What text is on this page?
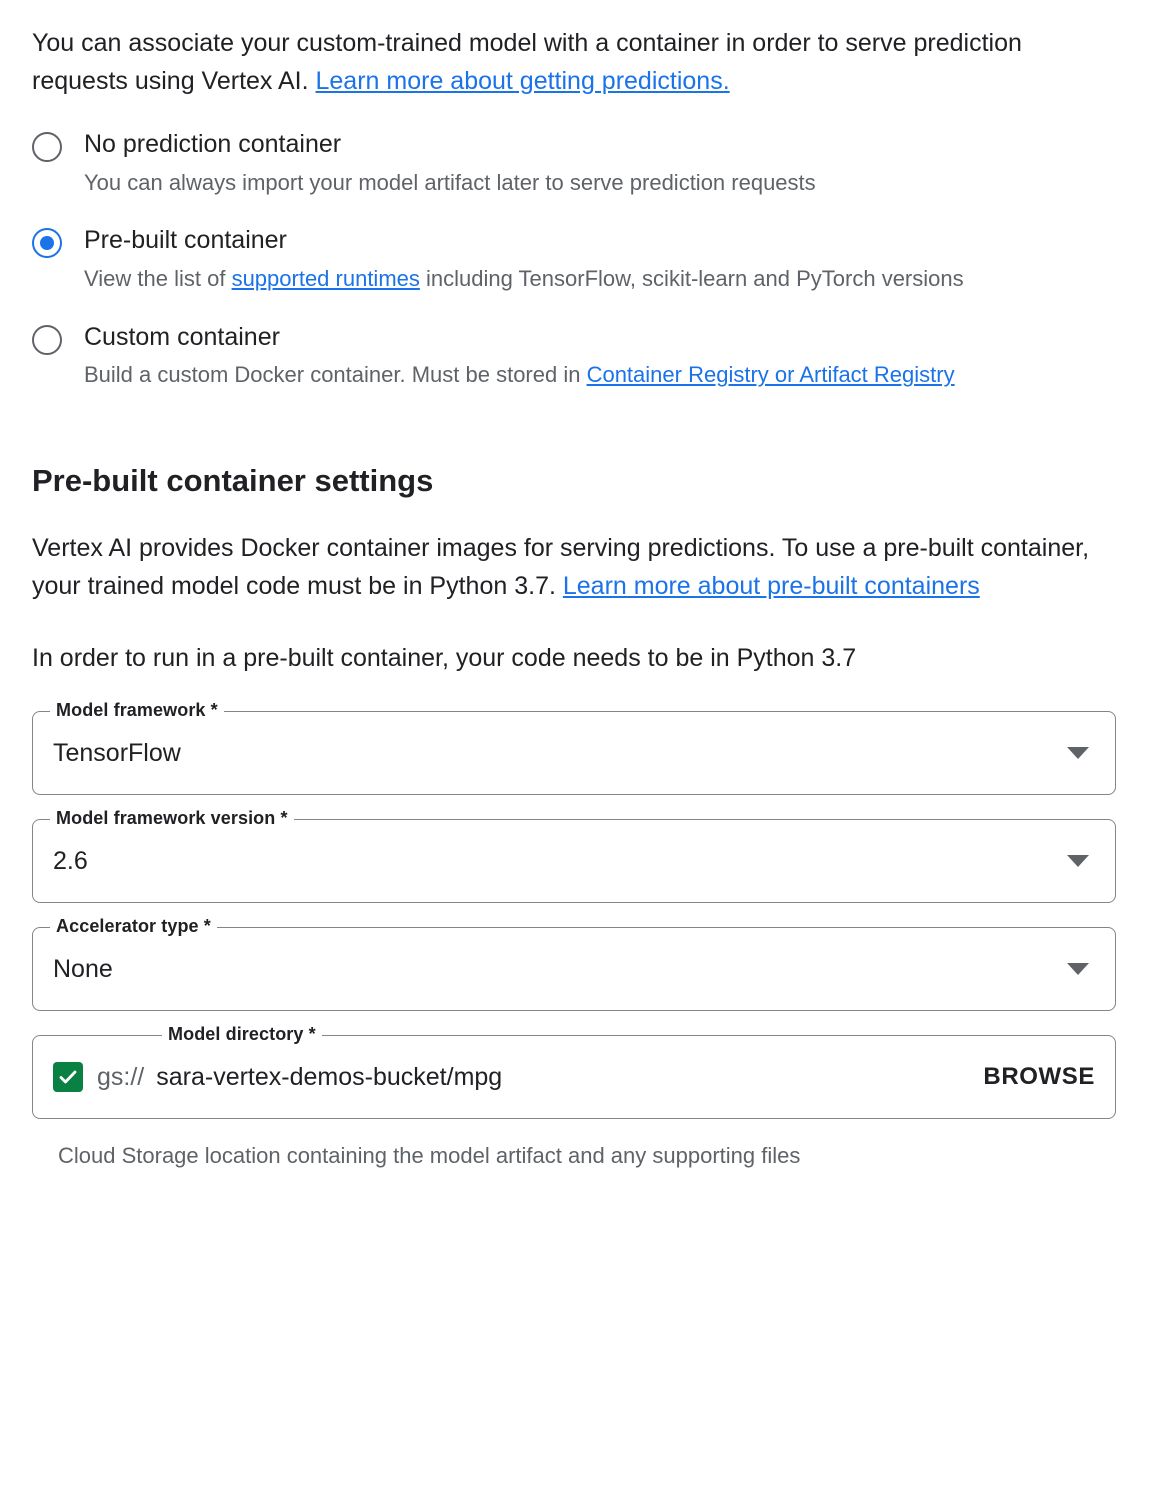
You can associate your custom-trained model with a container in order to serve prediction requests using Vertex AI. Learn more about getting predictions.

No prediction container
You can always import your model artifact later to serve prediction requests
Pre-built container
View the list of supported runtimes including TensorFlow, scikit-learn and PyTorch versions
Custom container
Build a custom Docker container. Must be stored in Container Registry or Artifact Registry
Pre-built container settings

Vertex AI provides Docker container images for serving predictions. To use a pre-built container, your trained model code must be in Python 3.7. Learn more about pre-built containers

In order to run in a pre-built container, your code needs to be in Python 3.7

TensorFlow
Model framework *
2.6
Model framework version *
None
Accelerator type *
gs:// sara-vertex-demos-bucket/mpg	BROWSE
Model directory *
Cloud Storage location containing the model artifact and any supporting files
